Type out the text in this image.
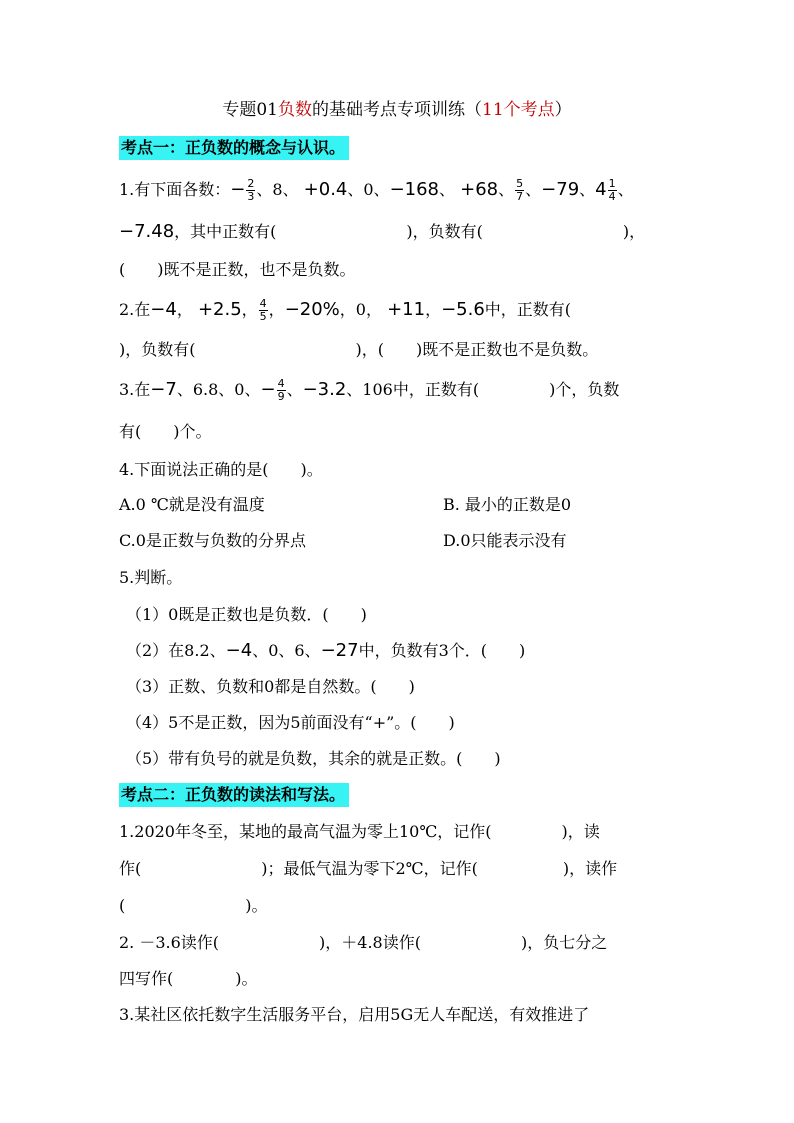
专题01负数的基础考点专项训练（11个考点）
考点一：正负数的概念与认识。
1.有下面各数：− $\frac{2}{3}$ 、8、 +0.4、0、−168、 +68、 $\frac{5}{7}$ 、−79、$4 \frac{1}{4}$ 、
−7.48，其中正数有(	)，负数有(	)，
(　　)既不是正数，也不是负数。
2.在−4， +2.5， $\frac{4}{5}$ ，−20%，0， +11，−5.6中，正数有(
)，负数有(	)，(　　)既不是正数也不是负数。
3.在−7、6.8、0、− $\frac{4}{9}$ 、−3.2、106中，正数有(	)个，负数
有(　　)个。
4.下面说法正确的是(　　)。
A.0 ℃就是没有温度	B. 最小的正数是0
C.0是正数与负数的分界点	D.0只能表示没有
5.判断。
（1）0既是正数也是负数．(　　)
（2）在8.2、−4、0、6、−27中，负数有3个．(　　)
（3）正数、负数和0都是自然数。(　　)
（4）5不是正数，因为5前面没有“+”。(　　)
（5）带有负号的就是负数，其余的就是正数。(　　)
考点二：正负数的读法和写法。
1.2020年冬至，某地的最高气温为零上10℃，记作(	)，读
作(	)；最低气温为零下2℃，记作(	)，读作
(	)。
2. －3.6读作(	)，＋4.8读作(	)，负七分之
四写作(	)。
3.某社区依托数字生活服务平台，启用5G无人车配送，有效推进了
